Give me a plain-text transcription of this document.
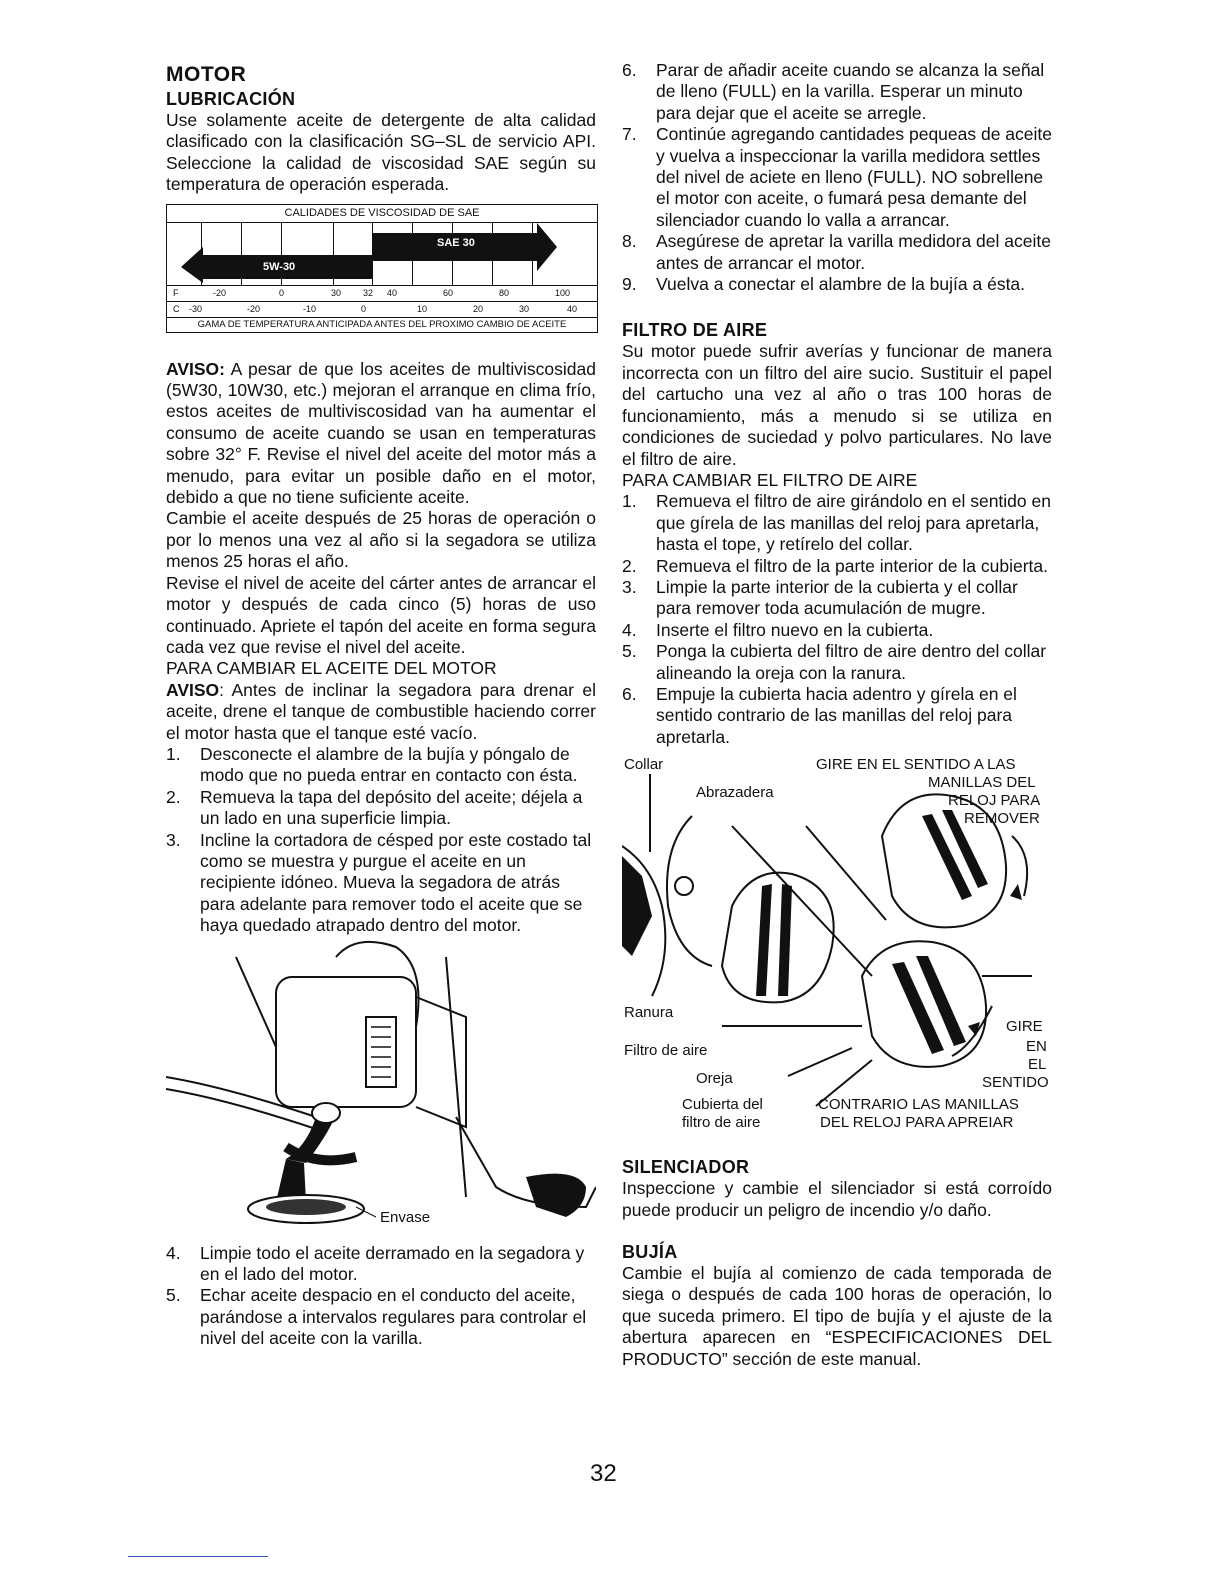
MOTOR
LUBRICACIÓN

Use solamente aceite de detergente de alta calidad clasificado con la clasificación SG–SL de servicio API. Seleccione la calidad de viscosidad SAE según su temperatura de operación esperada.

CALIDADES DE VISCOSIDAD DE SAE
SAE 30
5W-30
F	-20	0	30 32 40	60	80	100
C -30	-20	-10	0	10	20	30	40
GAMA DE TEMPERATURA ANTICIPADA ANTES DEL PROXIMO CAMBIO DE ACEITE

AVISO: A pesar de que los aceites de multiviscosidad (5W30, 10W30, etc.) mejoran el arranque en clima frío, estos aceites de multiviscosidad van ha aumentar el consumo de aceite cuando se usan en temperaturas sobre 32° F. Revise el nivel del aceite del motor más a menudo, para evitar un posible daño en el motor, debido a que no tiene suficiente aceite.

Cambie el aceite después de 25 horas de operación o por lo menos una vez al año si la segadora se utiliza menos 25 horas el año.

Revise el nivel de aceite del cárter antes de arrancar el motor y después de cada cinco (5) horas de uso continuado. Apriete el tapón del aceite en forma segura cada vez que revise el nivel del aceite.

PARA CAMBIAR EL ACEITE DEL MOTOR

AVISO: Antes de inclinar la segadora para drenar el aceite, drene el tanque de combustible haciendo correr el motor hasta que el tanque esté vacío.

1. Desconecte el alambre de la bujía y póngalo de modo que no pueda entrar en contacto con ésta.
2. Remueva la tapa del depósito del aceite; déjela a un lado en una superficie limpia.
3. Incline la cortadora de césped por este costado tal como se muestra y purgue el aceite en un recipiente idóneo. Mueva la segadora de atrás para adelante para remover todo el aceite que se haya quedado atrapado dentro del motor.
Envase
4. Limpie todo el aceite derramado en la segadora y en el lado del motor.
5. Echar aceite despacio en el conducto del aceite, parándose a intervalos regulares para controlar el nivel del aceite con la varilla.
6. Parar de añadir aceite cuando se alcanza la señal de lleno (FULL) en la varilla. Esperar un minuto para dejar que el aceite se arregle.
7. Continúe agregando cantidades pequeas de aceite y vuelva a inspeccionar la varilla medidora settles del nivel de aciete en lleno (FULL). NO sobrellene el motor con aceite, o fumará pesa demante del silenciador cuando lo valla a arrancar.
8. Asegúrese de apretar la varilla medidora del aceite antes de arrancar el motor.
9. Vuelva a conectar el alambre de la bujía a ésta.
FILTRO DE AIRE

Su motor puede sufrir averías y funcionar de manera incorrecta con un filtro del aire sucio. Sustituir el papel del cartucho una vez al año o tras 100 horas de funcionamiento, más a menudo si se utiliza en condiciones de suciedad y polvo particulares. No lave el filtro de aire.

PARA CAMBIAR EL FILTRO DE AIRE

1. Remueva el filtro de aire girándolo en el sentido en que gírela de las manillas del reloj para apretarla, hasta el tope, y retírelo del collar.
2. Remueva el filtro de la parte interior de la cubierta.
3. Limpie la parte interior de la cubierta y el collar para remover toda acumulación de mugre.
4. Inserte el filtro nuevo en la cubierta.
5. Ponga la cubierta del filtro de aire dentro del collar alineando la oreja con la ranura.
6. Empuje la cubierta hacia adentro y gírela en el sentido contrario de las manillas del reloj para apretarla.
Collar	GIRE EN EL SENTIDO A LAS
MANILLAS DEL
RELOJ PARA
REMOVER
Abrazadera
Ranura
Filtro de aire
Oreja
Cubierta del
filtro de aire
GIRE
EN
EL
SENTIDO
CONTRARIO LAS MANILLAS
DEL RELOJ PARA APREIAR
SILENCIADOR

Inspeccione y cambie el silenciador si está corroído puede producir un peligro de incendio y/o daño.

BUJÍA

Cambie el bujía al comienzo de cada temporada de siega o después de cada 100 horas de operación, lo que suceda primero. El tipo de bujía y el ajuste de la abertura aparecen en “ESPECIFICACIONES DEL PRODUCTO” sección de este manual.

32
